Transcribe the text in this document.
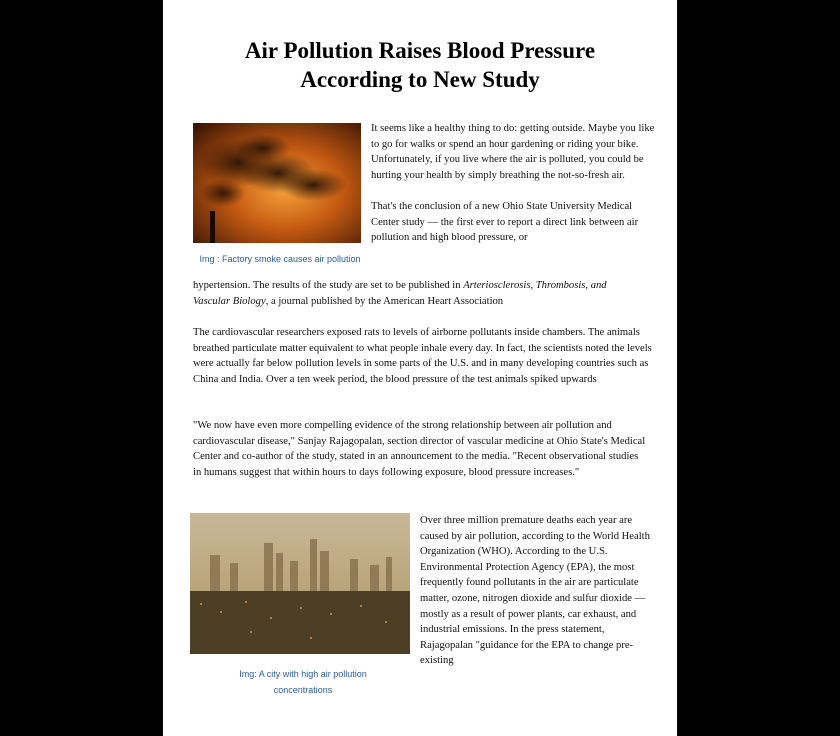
Air Pollution Raises Blood Pressure
According to New Study
It seems like a healthy thing to do: getting outside. Maybe you like to go for walks or spend an hour gardening or riding your bike. Unfortunately, if you live where the air is polluted, you could be hurting your health by simply breathing the not-so-fresh air.
That's the conclusion of a new Ohio State University Medical Center study — the first ever to report a direct link between air pollution and high blood pressure, or
Img : Factory smoke causes air pollution
hypertension. The results of the study are set to be published in Arteriosclerosis, Thrombosis, and Vascular Biology, a journal published by the American Heart Association
The cardiovascular researchers exposed rats to levels of airborne pollutants inside chambers. The animals breathed particulate matter equivalent to what people inhale every day. In fact, the scientists noted the levels were actually far below pollution levels in some parts of the U.S. and in many developing countries such as China and India. Over a ten week period, the blood pressure of the test animals spiked upwards
"We now have even more compelling evidence of the strong relationship between air pollution and cardiovascular disease," Sanjay Rajagopalan, section director of vascular medicine at Ohio State's Medical Center and co-author of the study, stated in an announcement to the media. "Recent observational studies in humans suggest that within hours to days following exposure, blood pressure increases."
Over three million premature deaths each year are caused by air pollution, according to the World Health Organization (WHO). According to the U.S. Environmental Protection Agency (EPA), the most frequently found pollutants in the air are particulate matter, ozone, nitrogen dioxide and sulfur dioxide — mostly as a result of power plants, car exhaust, and industrial emissions. In the press statement, Rajagopalan "guidance for the EPA to change pre-existing
Img: A city with high air pollution concentrations
